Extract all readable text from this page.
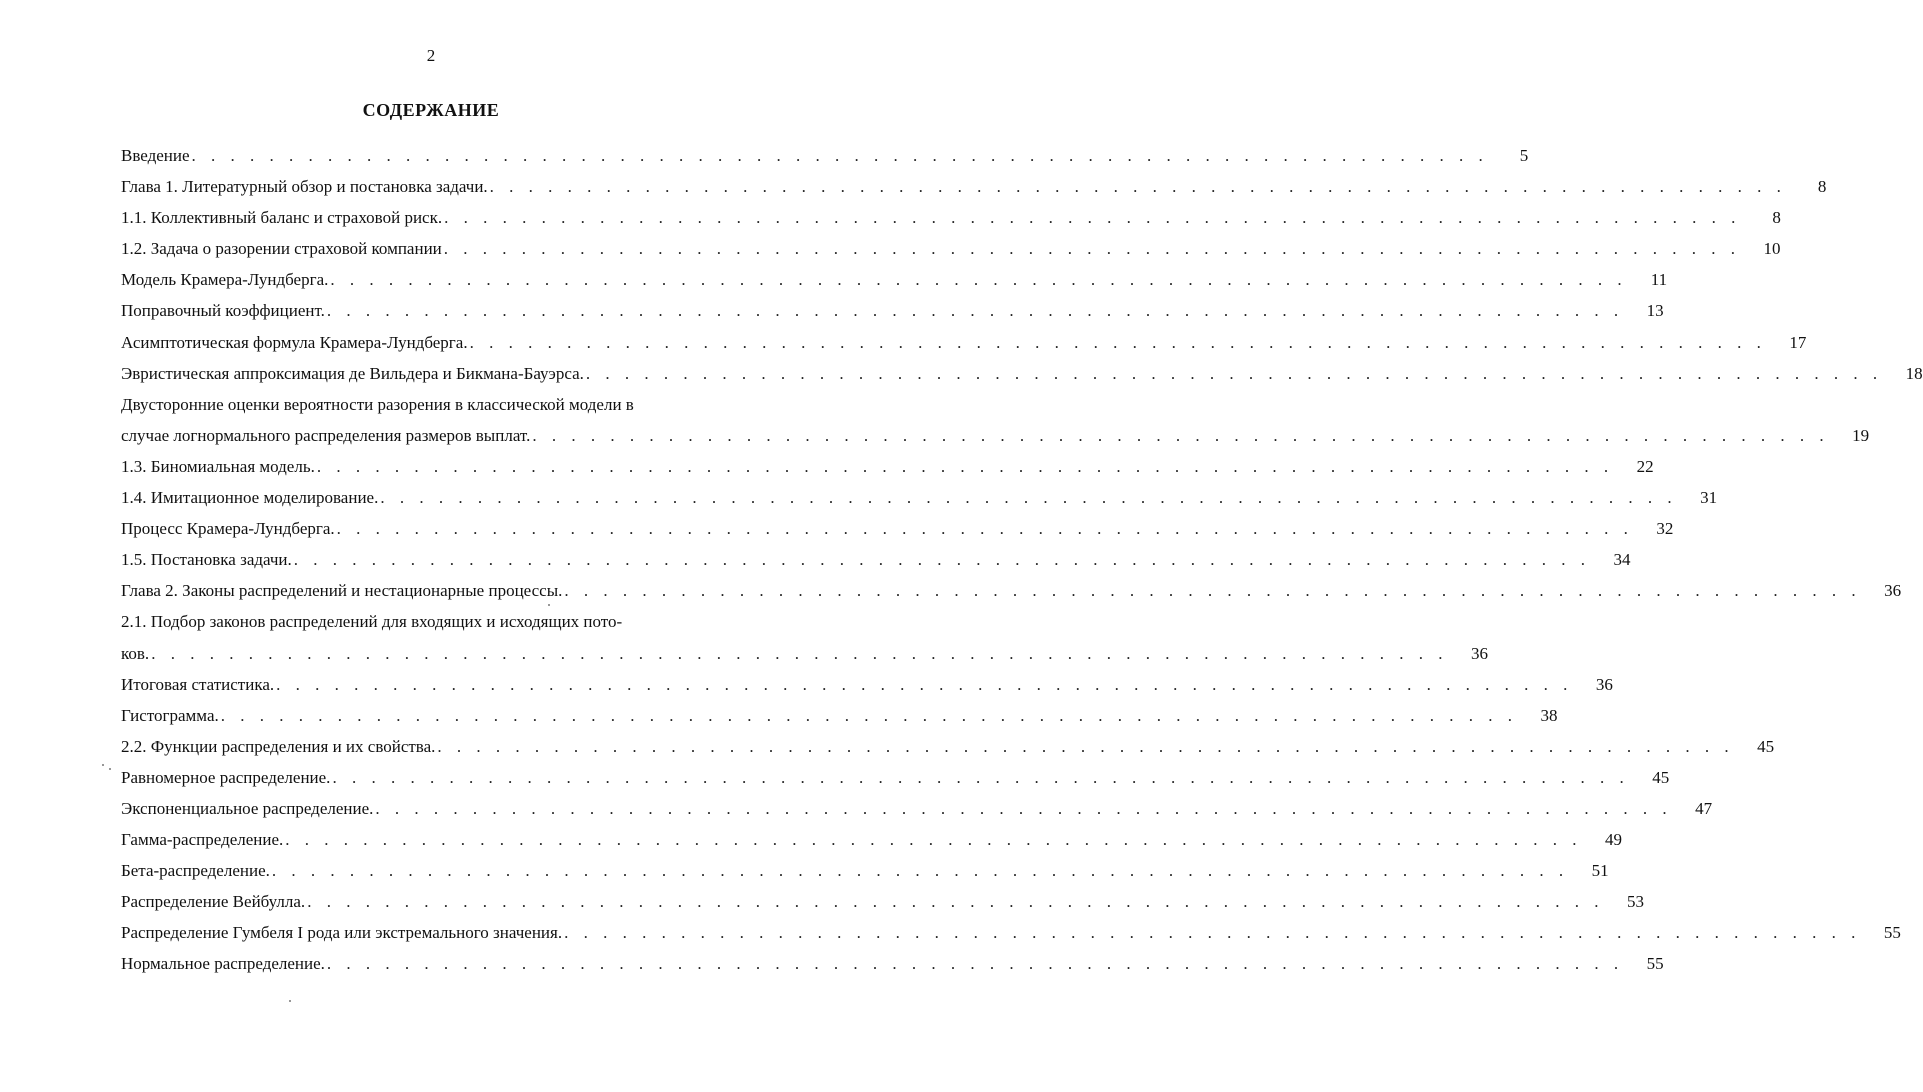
2
СОДЕРЖАНИЕ
Введение . . . . . . . . . . . . . . . . . . . . . . . . . . . . . . . . . . . . . . . . . . . . . . . . . . . . . . . . . . . . . . . . . . .	5
Глава 1. Литературный обзор и постановка задачи. . . . . . . . . . . . . . . . . . . . . . . . . . . . . . . . . . . . . . . . . . . . . . . . . . . . . . . . . . . . . . . . . . . .	8
1.1. Коллективный баланс и страховой риск. . . . . . . . . . . . . . . . . . . . . . . . . . . . . . . . . . . . . . . . . . . . . . . . . . . . . . . . . . . . . . . . . . . .	8
1.2. Задача о разорении страховой компании . . . . . . . . . . . . . . . . . . . . . . . . . . . . . . . . . . . . . . . . . . . . . . . . . . . . . . . . . . . . . . . . . . .	10
Модель Крамера-Лундберга. . . . . . . . . . . . . . . . . . . . . . . . . . . . . . . . . . . . . . . . . . . . . . . . . . . . . . . . . . . . . . . . . . . .	11
Поправочный коэффициент. . . . . . . . . . . . . . . . . . . . . . . . . . . . . . . . . . . . . . . . . . . . . . . . . . . . . . . . . . . . . . . . . . . .	13
Асимптотическая формула Крамера-Лундберга. . . . . . . . . . . . . . . . . . . . . . . . . . . . . . . . . . . . . . . . . . . . . . . . . . . . . . . . . . . . . . . . . . . .	17
Эвристическая аппроксимация де Вильдера и Бикмана-Бауэрса. . . . . . . . . . . . . . . . . . . . . . . . . . . . . . . . . . . . . . . . . . . . . . . . . . . . . . . . . . . . . . . . . . . .	18
Двусторонние оценки вероятности разорения в классической модели в
случае логнормального распределения размеров выплат. . . . . . . . . . . . . . . . . . . . . . . . . . . . . . . . . . . . . . . . . . . . . . . . . . . . . . . . . . . . . . . . . . . .	19
1.3. Биномиальная модель. . . . . . . . . . . . . . . . . . . . . . . . . . . . . . . . . . . . . . . . . . . . . . . . . . . . . . . . . . . . . . . . . . . .	22
1.4. Имитационное моделирование. . . . . . . . . . . . . . . . . . . . . . . . . . . . . . . . . . . . . . . . . . . . . . . . . . . . . . . . . . . . . . . . . . . .	31
Процесс Крамера-Лундберга. . . . . . . . . . . . . . . . . . . . . . . . . . . . . . . . . . . . . . . . . . . . . . . . . . . . . . . . . . . . . . . . . . . .	32
1.5. Постановка задачи. . . . . . . . . . . . . . . . . . . . . . . . . . . . . . . . . . . . . . . . . . . . . . . . . . . . . . . . . . . . . . . . . . . .	34
Глава 2. Законы распределений и нестационарные процессы. . . . . . . . . . . . . . . . . . . . . . . . . . . . . . . . . . . . . . . . . . . . . . . . . . . . . . . . . . . . . . . . . . . .	36
2.1. Подбор законов распределений для входящих и исходящих пото-
ков. . . . . . . . . . . . . . . . . . . . . . . . . . . . . . . . . . . . . . . . . . . . . . . . . . . . . . . . . . . . . . . . . . . .	36
Итоговая статистика. . . . . . . . . . . . . . . . . . . . . . . . . . . . . . . . . . . . . . . . . . . . . . . . . . . . . . . . . . . . . . . . . . . .	36
Гистограмма. . . . . . . . . . . . . . . . . . . . . . . . . . . . . . . . . . . . . . . . . . . . . . . . . . . . . . . . . . . . . . . . . . . .	38
2.2. Функции распределения и их свойства. . . . . . . . . . . . . . . . . . . . . . . . . . . . . . . . . . . . . . . . . . . . . . . . . . . . . . . . . . . . . . . . . . . .	45
Равномерное распределение. . . . . . . . . . . . . . . . . . . . . . . . . . . . . . . . . . . . . . . . . . . . . . . . . . . . . . . . . . . . . . . . . . . .	45
Экспоненциальное распределение. . . . . . . . . . . . . . . . . . . . . . . . . . . . . . . . . . . . . . . . . . . . . . . . . . . . . . . . . . . . . . . . . . . .	47
Гамма-распределение. . . . . . . . . . . . . . . . . . . . . . . . . . . . . . . . . . . . . . . . . . . . . . . . . . . . . . . . . . . . . . . . . . . .	49
Бета-распределение. . . . . . . . . . . . . . . . . . . . . . . . . . . . . . . . . . . . . . . . . . . . . . . . . . . . . . . . . . . . . . . . . . . .	51
Распределение Вейбулла. . . . . . . . . . . . . . . . . . . . . . . . . . . . . . . . . . . . . . . . . . . . . . . . . . . . . . . . . . . . . . . . . . . .	53
Распределение Гумбеля I рода или экстремального значения. . . . . . . . . . . . . . . . . . . . . . . . . . . . . . . . . . . . . . . . . . . . . . . . . . . . . . . . . . . . . . . . . . . .	55
Нормальное распределение. . . . . . . . . . . . . . . . . . . . . . . . . . . . . . . . . . . . . . . . . . . . . . . . . . . . . . . . . . . . . . . . . . . .	55
